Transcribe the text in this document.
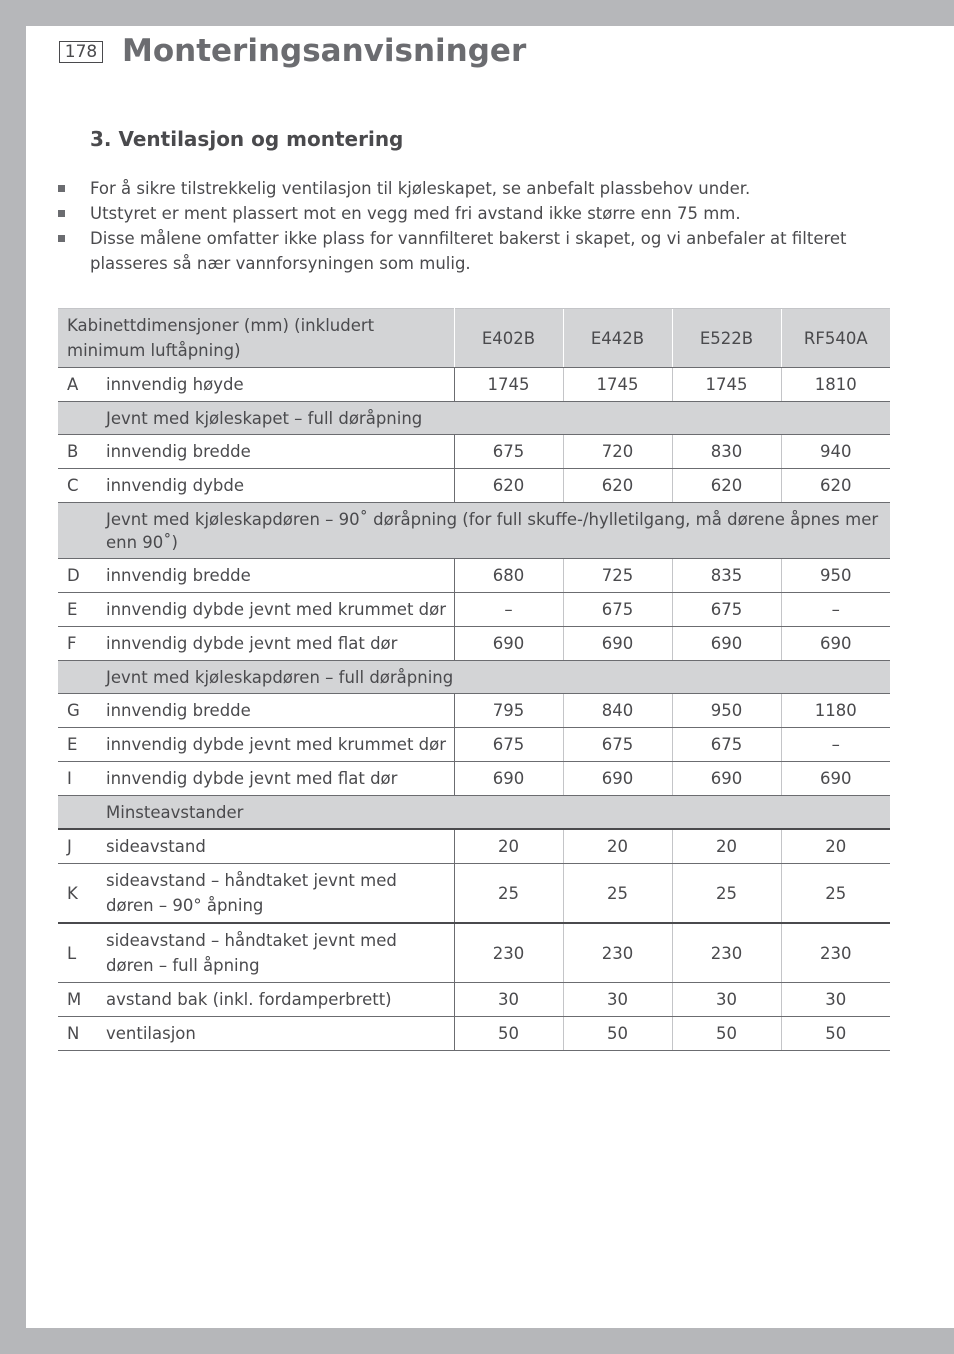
178 Monteringsanvisninger
3. Ventilasjon og montering
For å sikre tilstrekkelig ventilasjon til kjøleskapet, se anbefalt plassbehov under.
Utstyret er ment plassert mot en vegg med fri avstand ikke større enn 75 mm.
Disse målene omfatter ikke plass for vannfilteret bakerst i skapet, og vi anbefaler at filteret plasseres så nær vannforsyningen som mulig.
Kabinettdimensjoner (mm) (inkludert minimum luftåpning)		E402B	E442B	E522B	RF540A
A	innvendig høyde	1745	1745	1745	1810
Jevnt med kjøleskapet – full døråpning					
B	innvendig bredde	675	720	830	940
C	innvendig dybde	620	620	620	620
Jevnt med kjøleskapdøren – 90˚ døråpning (for full skuffe-/hylletilgang, må dørene åpnes mer enn 90˚)					
D	innvendig bredde	680	725	835	950
E	innvendig dybde jevnt med krummet dør	–	675	675	–
F	innvendig dybde jevnt med flat dør	690	690	690	690
Jevnt med kjøleskapdøren – full døråpning					
G	innvendig bredde	795	840	950	1180
E	innvendig dybde jevnt med krummet dør	675	675	675	–
I	innvendig dybde jevnt med flat dør	690	690	690	690
Minsteavstander					
J	sideavstand	20	20	20	20
K	sideavstand – håndtaket jevnt med døren – 90° åpning	25	25	25	25
L	sideavstand – håndtaket jevnt med døren – full åpning	230	230	230	230
M	avstand bak (inkl. fordamperbrett)	30	30	30	30
N	ventilasjon	50	50	50	50
